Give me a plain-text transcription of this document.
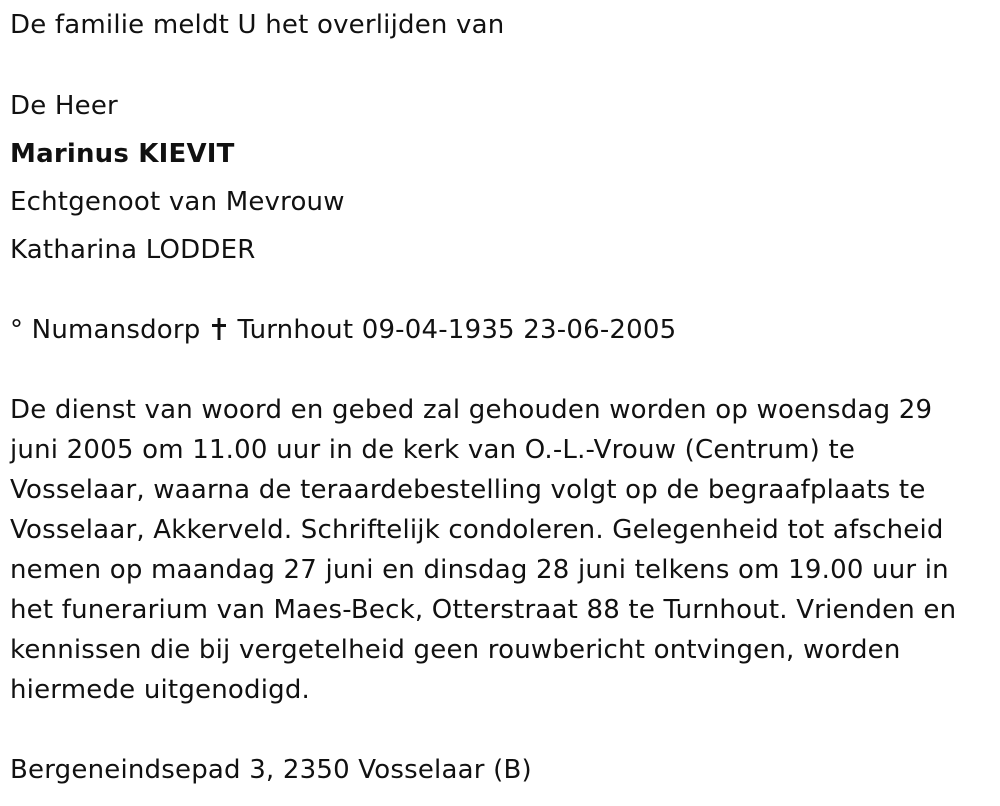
De familie meldt U het overlijden van
De Heer
Marinus KIEVIT
Echtgenoot van Mevrouw
Katharina LODDER
° Numansdorp Turnhout 09-04-1935 23-06-2005
De dienst van woord en gebed zal gehouden worden op woensdag 29
juni 2005 om 11.00 uur in de kerk van O.-L.-Vrouw (Centrum) te
Vosselaar, waarna de teraardebestelling volgt op de begraafplaats te
Vosselaar, Akkerveld. Schriftelijk condoleren. Gelegenheid tot afscheid
nemen op maandag 27 juni en dinsdag 28 juni telkens om 19.00 uur in
het funerarium van Maes-Beck, Otterstraat 88 te Turnhout. Vrienden en
kennissen die bij vergetelheid geen rouwbericht ontvingen, worden
hiermede uitgenodigd.
Bergeneindsepad 3, 2350 Vosselaar (B)
